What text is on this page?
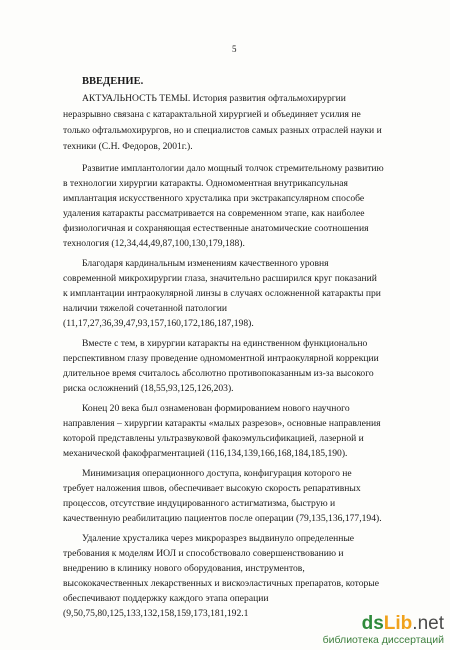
5
ВВЕДЕНИЕ.
АКТУАЛЬНОСТЬ ТЕМЫ. История развития офтальмохирургии
неразрывно связана с катарактальной хирургией и объединяет усилия не
только офтальмохирургов, но и специалистов самых разных отраслей науки и
техники (С.Н. Федоров, 2001г.).
Развитие имплантологии дало мощный толчок стремительному развитию
в технологии хирургии катаракты. Одномоментная внутрикапсульная
имплантация искусственного хрусталика при экстракапсулярном способе
удаления катаракты рассматривается на современном этапе, как наиболее
физиологичная и сохраняющая естественные анатомические соотношения
технология (12,34,44,49,87,100,130,179,188).
Благодаря кардинальным изменениям качественного уровня
современной микрохирургии глаза, значительно расширился круг показаний
к имплантации интраокулярной линзы в случаях осложненной катаракты при
наличии тяжелой сочетанной патологии
(11,17,27,36,39,47,93,157,160,172,186,187,198).
Вместе с тем, в хирургии катаракты на единственном функционально
перспективном глазу проведение одномоментной интраокулярной коррекции
длительное время считалось абсолютно противопоказанным из-за высокого
риска осложнений (18,55,93,125,126,203).
Конец 20 века был ознаменован формированием нового научного
направления – хирургии катаракты «малых разрезов», основные направления
которой представлены ультразвуковой факоэмульсификацией, лазерной и
механической факофрагментацией (116,134,139,166,168,184,185,190).
Минимизация операционного доступа, конфигурация которого не
требует наложения швов, обеспечивает высокую скорость репаративных
процессов, отсутствие индуцированного астигматизма, быструю и
качественную реабилитацию пациентов после операции (79,135,136,177,194).
Удаление хрусталика через микроразрез выдвинуло определенные
требования к моделям ИОЛ и способствовало совершенствованию и
внедрению в клинику нового оборудования, инструментов,
высококачественных лекарственных и вискоэластичных препаратов, которые
обеспечивают поддержку каждого этапа операции
(9,50,75,80,125,133,132,158,159,173,181,192.1	dsLib.net
библиотека диссертаций
